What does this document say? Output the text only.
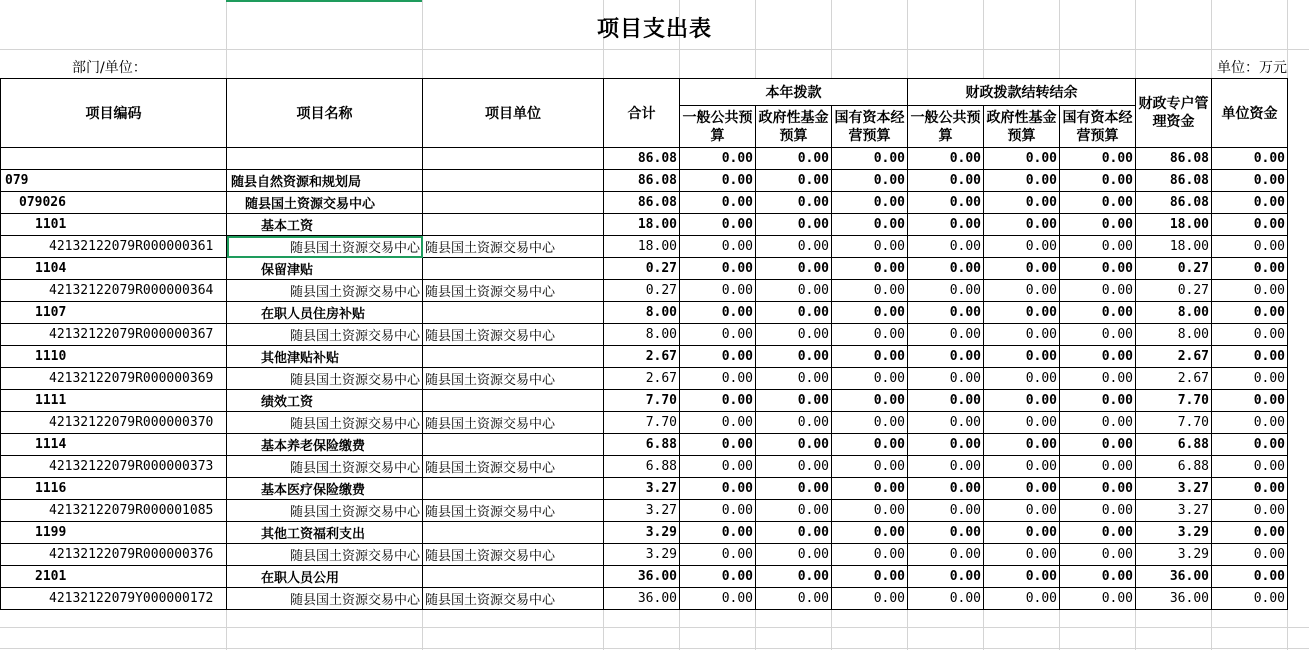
项目支出表
部门/单位：	单位：万元
项目编码	项目名称	项目单位	合计	本年拨款			财政拨款结转结余			财政专户管理资金	单位资金
				一般公共预算	政府性基金预算	国有资本经营预算	一般公共预算	政府性基金预算	国有资本经营预算		
			86.08	0.00	0.00	0.00	0.00	0.00	0.00	86.08	0.00
079	随县自然资源和规划局		86.08	0.00	0.00	0.00	0.00	0.00	0.00	86.08	0.00
079026	随县国土资源交易中心		86.08	0.00	0.00	0.00	0.00	0.00	0.00	86.08	0.00
1101	基本工资		18.00	0.00	0.00	0.00	0.00	0.00	0.00	18.00	0.00
42132122079R000000361	随县国土资源交易中心	随县国土资源交易中心	18.00	0.00	0.00	0.00	0.00	0.00	0.00	18.00	0.00
1104	保留津贴		0.27	0.00	0.00	0.00	0.00	0.00	0.00	0.27	0.00
42132122079R000000364	随县国土资源交易中心	随县国土资源交易中心	0.27	0.00	0.00	0.00	0.00	0.00	0.00	0.27	0.00
1107	在职人员住房补贴		8.00	0.00	0.00	0.00	0.00	0.00	0.00	8.00	0.00
42132122079R000000367	随县国土资源交易中心	随县国土资源交易中心	8.00	0.00	0.00	0.00	0.00	0.00	0.00	8.00	0.00
1110	其他津贴补贴		2.67	0.00	0.00	0.00	0.00	0.00	0.00	2.67	0.00
42132122079R000000369	随县国土资源交易中心	随县国土资源交易中心	2.67	0.00	0.00	0.00	0.00	0.00	0.00	2.67	0.00
1111	绩效工资		7.70	0.00	0.00	0.00	0.00	0.00	0.00	7.70	0.00
42132122079R000000370	随县国土资源交易中心	随县国土资源交易中心	7.70	0.00	0.00	0.00	0.00	0.00	0.00	7.70	0.00
1114	基本养老保险缴费		6.88	0.00	0.00	0.00	0.00	0.00	0.00	6.88	0.00
42132122079R000000373	随县国土资源交易中心	随县国土资源交易中心	6.88	0.00	0.00	0.00	0.00	0.00	0.00	6.88	0.00
1116	基本医疗保险缴费		3.27	0.00	0.00	0.00	0.00	0.00	0.00	3.27	0.00
42132122079R000001085	随县国土资源交易中心	随县国土资源交易中心	3.27	0.00	0.00	0.00	0.00	0.00	0.00	3.27	0.00
1199	其他工资福利支出		3.29	0.00	0.00	0.00	0.00	0.00	0.00	3.29	0.00
42132122079R000000376	随县国土资源交易中心	随县国土资源交易中心	3.29	0.00	0.00	0.00	0.00	0.00	0.00	3.29	0.00
2101	在职人员公用		36.00	0.00	0.00	0.00	0.00	0.00	0.00	36.00	0.00
42132122079Y000000172	随县国土资源交易中心	随县国土资源交易中心	36.00	0.00	0.00	0.00	0.00	0.00	0.00	36.00	0.00
